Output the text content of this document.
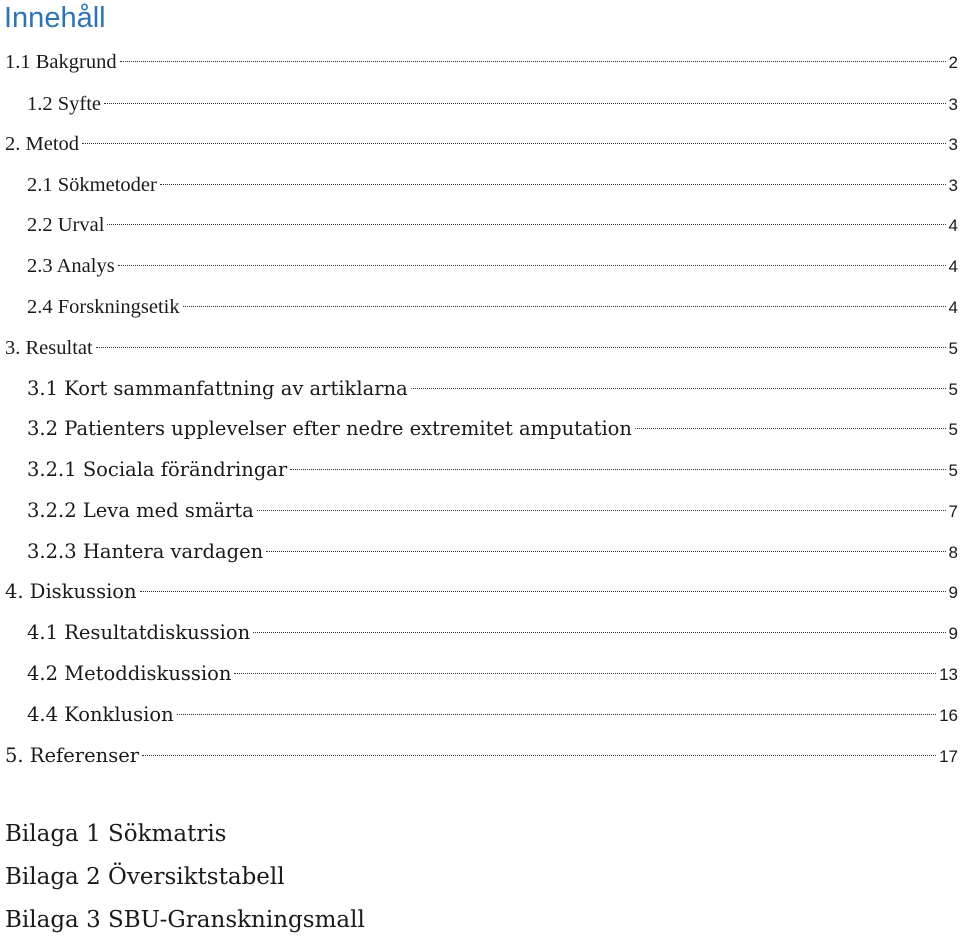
Innehåll
1.1 Bakgrund	2
1.2 Syfte	3
2. Metod	3
2.1 Sökmetoder	3
2.2 Urval	4
2.3 Analys	4
2.4 Forskningsetik	4
3. Resultat	5
3.1 Kort sammanfattning av artiklarna	5
3.2 Patienters upplevelser efter nedre extremitet amputation	5
3.2.1 Sociala förändringar	5
3.2.2 Leva med smärta	7
3.2.3 Hantera vardagen	8
4. Diskussion	9
4.1 Resultatdiskussion	9
4.2 Metoddiskussion	13
4.4 Konklusion	16
5. Referenser	17
Bilaga 1 Sökmatris
Bilaga 2 Översiktstabell
Bilaga 3 SBU-Granskningsmall
